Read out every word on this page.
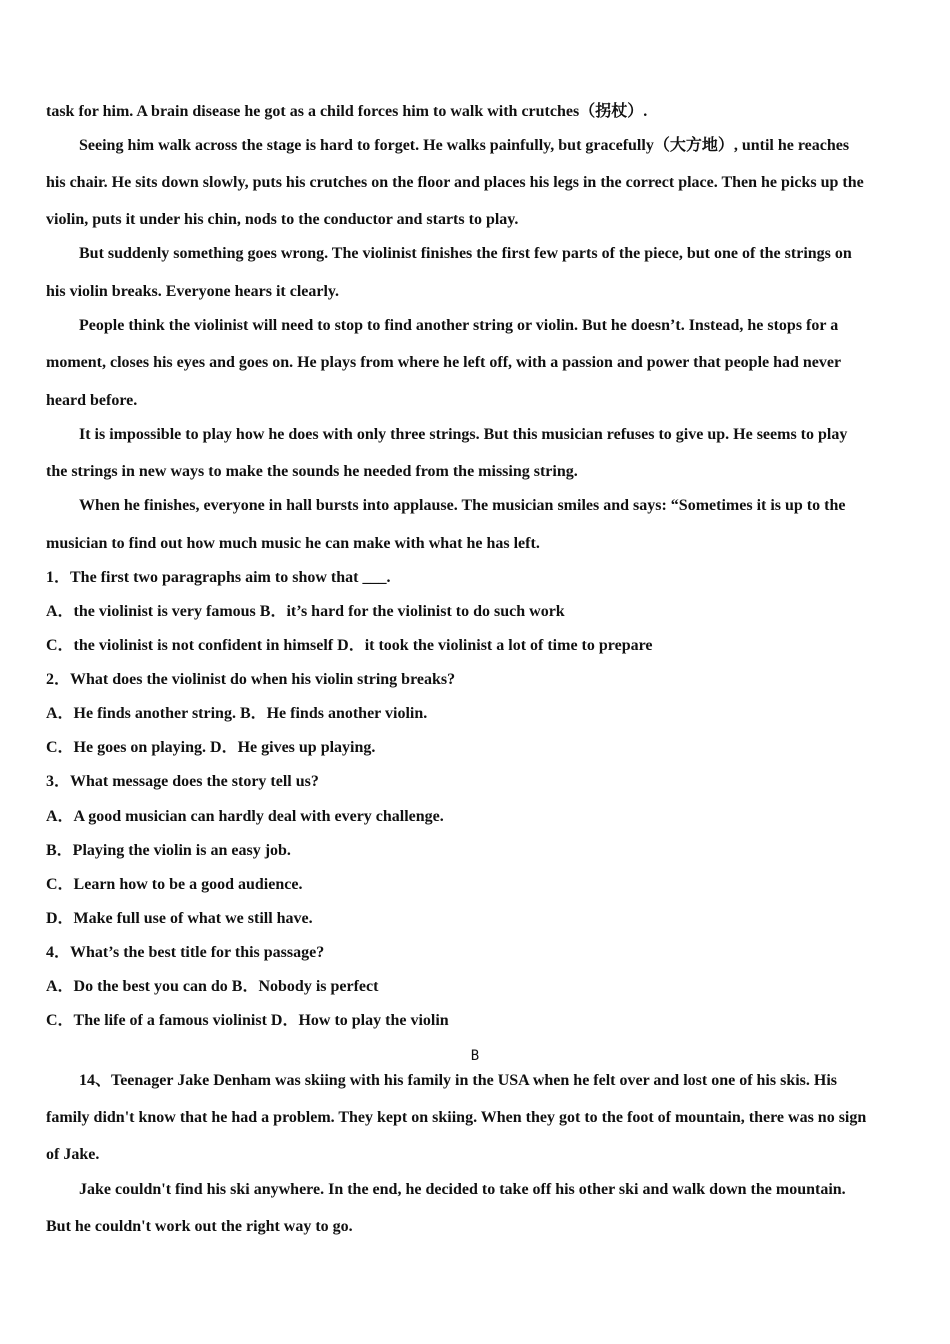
task for him. A brain disease he got as a child forces him to walk with crutches（拐杖）.
Seeing him walk across the stage is hard to forget. He walks painfully, but gracefully（大方地）, until he reaches
his chair. He sits down slowly, puts his crutches on the floor and places his legs in the correct place. Then he picks up the
violin, puts it under his chin, nods to the conductor and starts to play.
But suddenly something goes wrong. The violinist finishes the first few parts of the piece, but one of the strings on
his violin breaks. Everyone hears it clearly.
People think the violinist will need to stop to find another string or violin. But he doesn’t. Instead, he stops for a
moment, closes his eyes and goes on. He plays from where he left off, with a passion and power that people had never
heard before.
It is impossible to play how he does with only three strings. But this musician refuses to give up. He seems to play
the strings in new ways to make the sounds he needed from the missing string.
When he finishes, everyone in hall bursts into applause. The musician smiles and says: “Sometimes it is up to the
musician to find out how much music he can make with what he has left.
1．The first two paragraphs aim to show that ___.
A．the violinist is very famous B．it’s hard for the violinist to do such work
C．the violinist is not confident in himself D．it took the violinist a lot of time to prepare
2．What does the violinist do when his violin string breaks?
A．He finds another string. B．He finds another violin.
C．He goes on playing. D．He gives up playing.
3．What message does the story tell us?
A．A good musician can hardly deal with every challenge.
B．Playing the violin is an easy job.
C．Learn how to be a good audience.
D．Make full use of what we still have.
4．What’s the best title for this passage?
A．Do the best you can do B．Nobody is perfect
C．The life of a famous violinist D．How to play the violin
B
14、Teenager Jake Denham was skiing with his family in the USA when he felt over and lost one of his skis. His
family didn't know that he had a problem. They kept on skiing. When they got to the foot of mountain, there was no sign
of Jake.
Jake couldn't find his ski anywhere. In the end, he decided to take off his other ski and walk down the mountain.
But he couldn't work out the right way to go.
